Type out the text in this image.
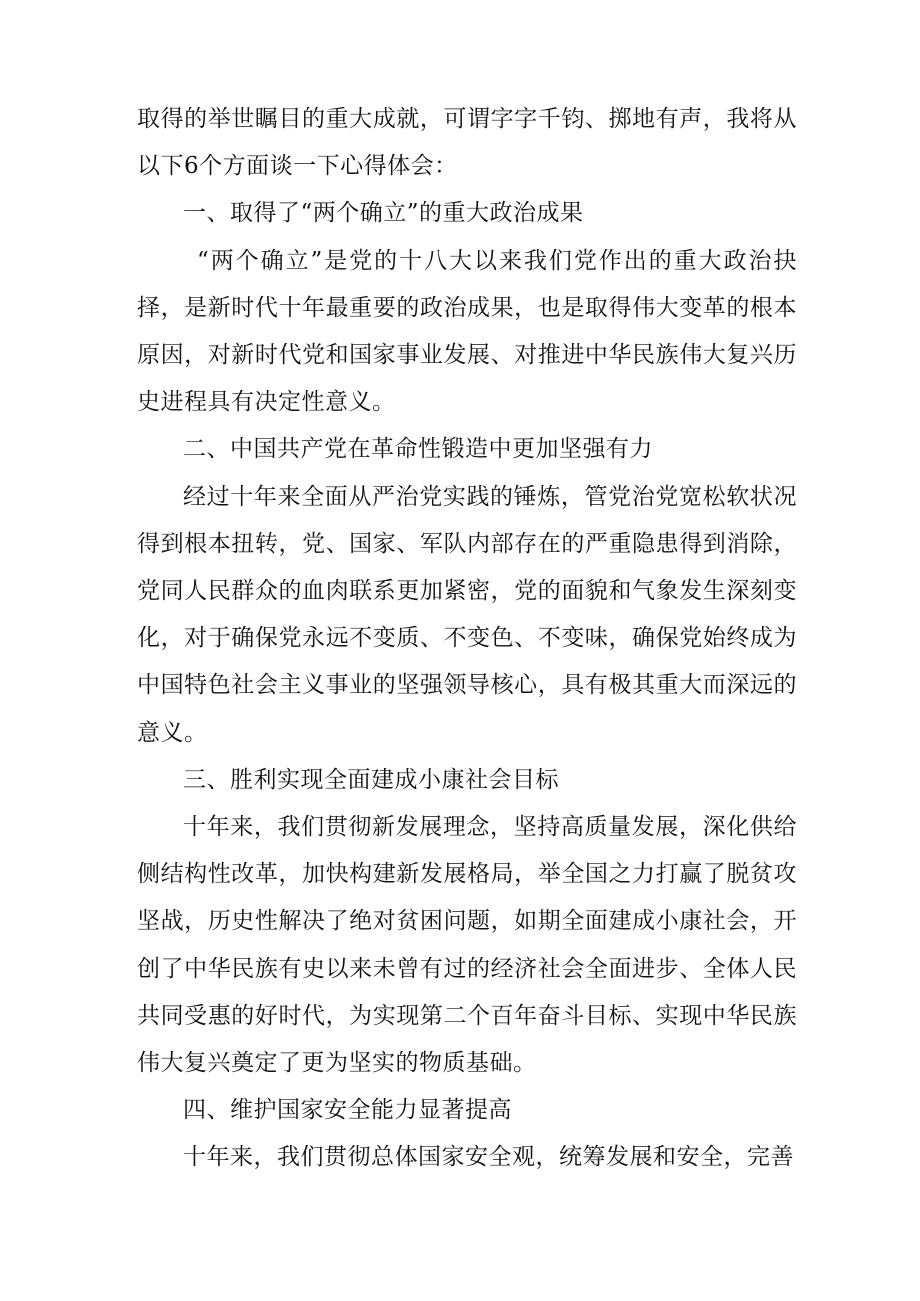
取得的举世瞩目的重大成就，可谓字字千钧、掷地有声，我将从以下6个方面谈一下心得体会：

一、取得了“两个确立”的重大政治成果

“两个确立”是党的十八大以来我们党作出的重大政治抉择，是新时代十年最重要的政治成果，也是取得伟大变革的根本原因，对新时代党和国家事业发展、对推进中华民族伟大复兴历史进程具有决定性意义。

二、中国共产党在革命性锻造中更加坚强有力

经过十年来全面从严治党实践的锤炼，管党治党宽松软状况得到根本扭转，党、国家、军队内部存在的严重隐患得到消除，党同人民群众的血肉联系更加紧密，党的面貌和气象发生深刻变化，对于确保党永远不变质、不变色、不变味，确保党始终成为中国特色社会主义事业的坚强领导核心，具有极其重大而深远的意义。

三、胜利实现全面建成小康社会目标

十年来，我们贯彻新发展理念，坚持高质量发展，深化供给侧结构性改革，加快构建新发展格局，举全国之力打赢了脱贫攻坚战，历史性解决了绝对贫困问题，如期全面建成小康社会，开创了中华民族有史以来未曾有过的经济社会全面进步、全体人民共同受惠的好时代，为实现第二个百年奋斗目标、实现中华民族伟大复兴奠定了更为坚实的物质基础。

四、维护国家安全能力显著提高

十年来，我们贯彻总体国家安全观，统筹发展和安全，完善
